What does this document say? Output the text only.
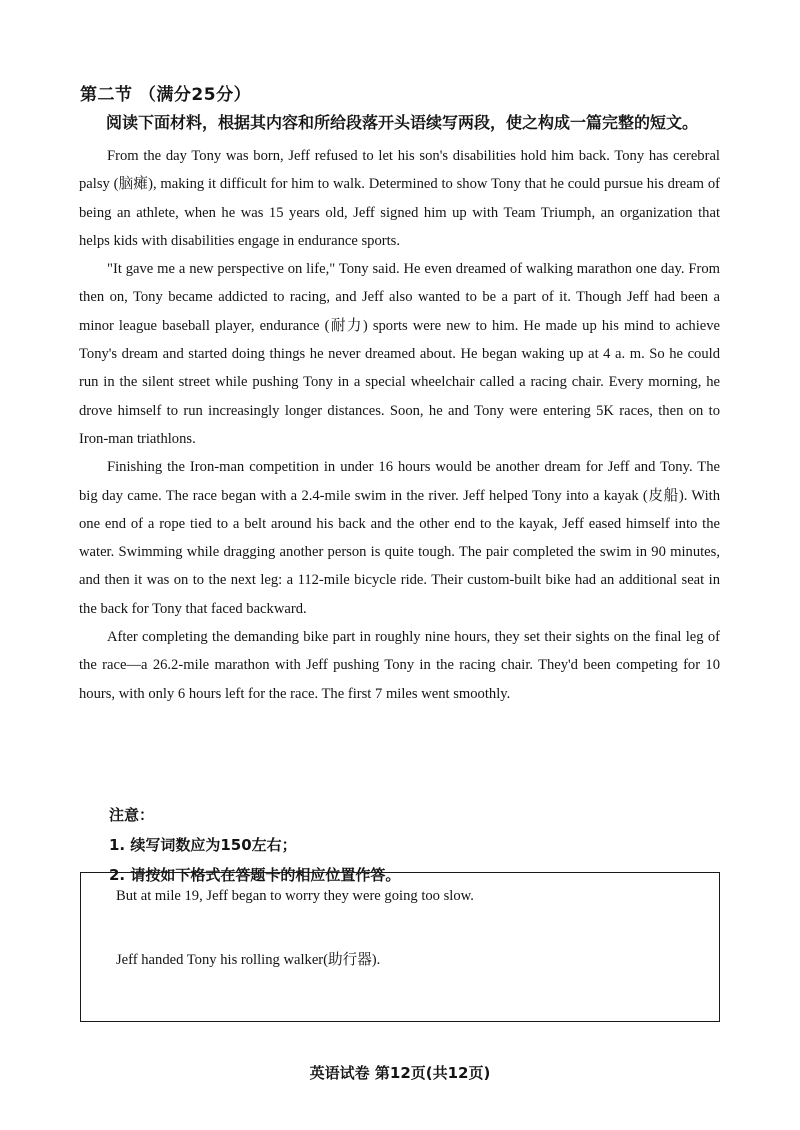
第二节 （满分25分）
阅读下面材料，根据其内容和所给段落开头语续写两段，使之构成一篇完整的短文。

From the day Tony was born, Jeff refused to let his son's disabilities hold him back. Tony has cerebral palsy (脑瘫), making it difficult for him to walk. Determined to show Tony that he could pursue his dream of being an athlete, when he was 15 years old, Jeff signed him up with Team Triumph, an organization that helps kids with disabilities engage in endurance sports.

"It gave me a new perspective on life," Tony said. He even dreamed of walking marathon one day. From then on, Tony became addicted to racing, and Jeff also wanted to be a part of it. Though Jeff had been a minor league baseball player, endurance (耐力) sports were new to him. He made up his mind to achieve Tony's dream and started doing things he never dreamed about. He began waking up at 4 a. m. So he could run in the silent street while pushing Tony in a special wheelchair called a racing chair. Every morning, he drove himself to run increasingly longer distances. Soon, he and Tony were entering 5K races, then on to Iron-man triathlons.

Finishing the Iron-man competition in under 16 hours would be another dream for Jeff and Tony. The big day came. The race began with a 2.4-mile swim in the river. Jeff helped Tony into a kayak (皮船). With one end of a rope tied to a belt around his back and the other end to the kayak, Jeff eased himself into the water. Swimming while dragging another person is quite tough. The pair completed the swim in 90 minutes, and then it was on to the next leg: a 112-mile bicycle ride. Their custom-built bike had an additional seat in the back for Tony that faced backward.

After completing the demanding bike part in roughly nine hours, they set their sights on the final leg of the race—a 26.2-mile marathon with Jeff pushing Tony in the racing chair. They'd been competing for 10 hours, with only 6 hours left for the race. The first 7 miles went smoothly.

注意：
1. 续写词数应为150左右；
2. 请按如下格式在答题卡的相应位置作答。
But at mile 19, Jeff began to worry they were going too slow.
Jeff handed Tony his rolling walker(助行器).
英语试卷 第12页(共12页)
